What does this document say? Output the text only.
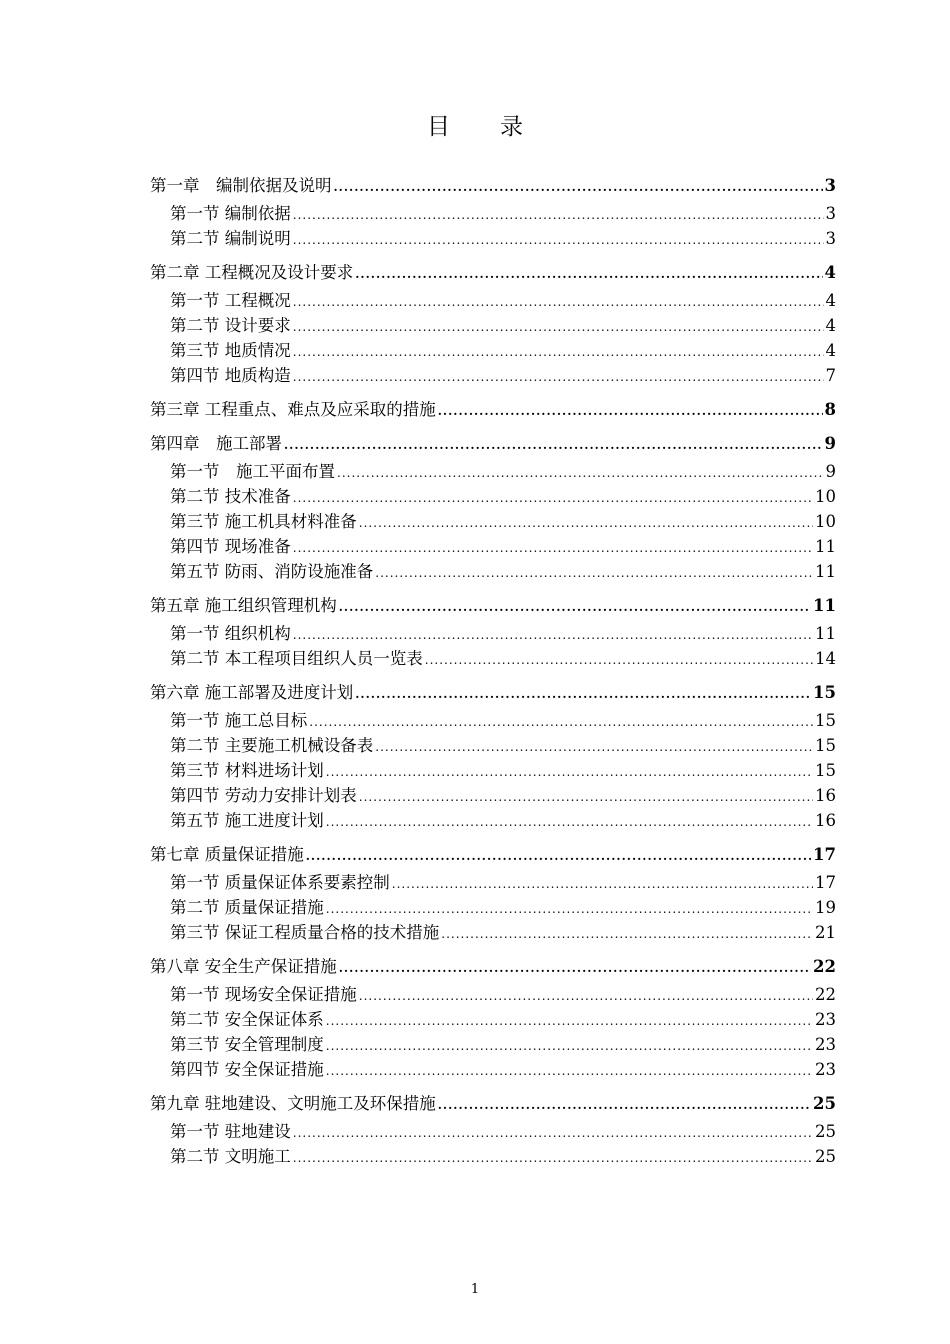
目录
第一章　编制依据及说明 .....	3
第一节 编制依据 .....	3
第二节 编制说明 .....	3
第二章 工程概况及设计要求 .....	4
第一节 工程概况 .....	4
第二节 设计要求 .....	4
第三节 地质情况 .....	4
第四节 地质构造 .....	7
第三章 工程重点、难点及应采取的措施 .....	8
第四章　施工部署 .....	9
第一节　施工平面布置 .....	9
第二节 技术准备 .....	10
第三节 施工机具材料准备 .....	10
第四节 现场准备 .....	11
第五节 防雨、消防设施准备 .....	11
第五章 施工组织管理机构 .....	11
第一节 组织机构 .....	11
第二节 本工程项目组织人员一览表 .....	14
第六章 施工部署及进度计划 .....	15
第一节 施工总目标 .....	15
第二节 主要施工机械设备表 .....	15
第三节 材料进场计划 .....	15
第四节 劳动力安排计划表 .....	16
第五节 施工进度计划 .....	16
第七章 质量保证措施 .....	17
第一节 质量保证体系要素控制 .....	17
第二节 质量保证措施 .....	19
第三节 保证工程质量合格的技术措施 .....	21
第八章 安全生产保证措施 .....	22
第一节 现场安全保证措施 .....	22
第二节 安全保证体系 .....	23
第三节 安全管理制度 .....	23
第四节 安全保证措施 .....	23
第九章 驻地建设、文明施工及环保措施 .....	25
第一节 驻地建设 .....	25
第二节 文明施工 .....	25
1
